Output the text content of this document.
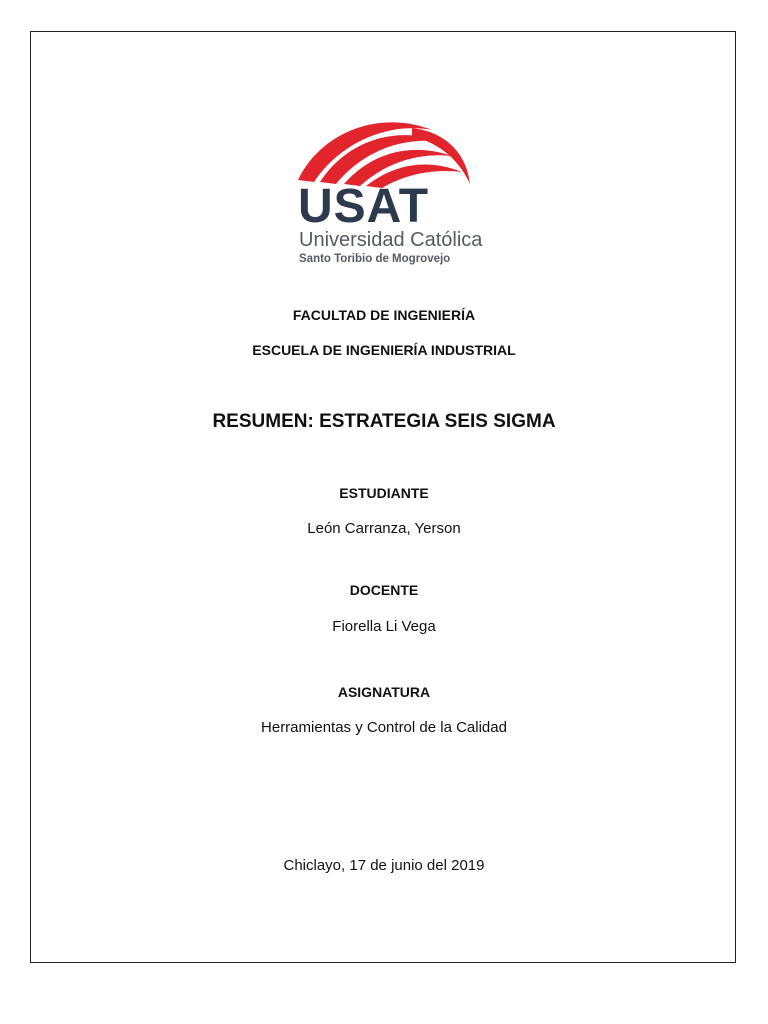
USAT
Universidad Católica
Santo Toribio de Mogrovejo
FACULTAD DE INGENIERÍA
ESCUELA DE INGENIERÍA INDUSTRIAL
RESUMEN: ESTRATEGIA SEIS SIGMA
ESTUDIANTE
León Carranza, Yerson
DOCENTE
Fiorella Li Vega
ASIGNATURA
Herramientas y Control de la Calidad
Chiclayo, 17 de junio del 2019
